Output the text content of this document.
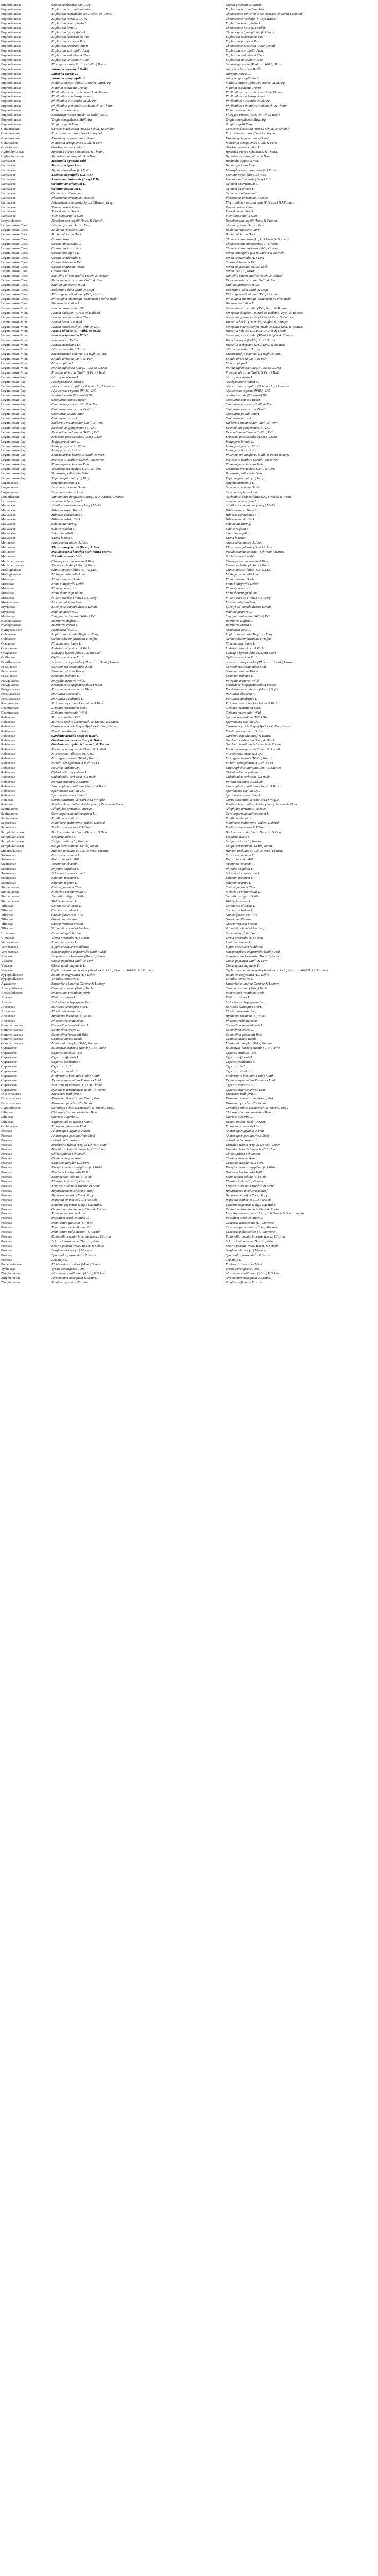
Euphorbiaceae	Croton zambesicus Müll.Arg.	Croton gratissimus Burch.
Euphorbiaceae	Euphorbia balsamifera Aiton	Euphorbia balsamifera Aiton
Euphorbiaceae	Euphorbia convolvuloides Hochst. ex Benth.	Chamaesyce convolvuloides (Hochst. ex Benth.) Koutnik
Euphorbiaceae	Euphorbia forskalii J.Gay	Chamaesyce forskalii (J.Gay) Hassall
Euphorbiaceae	Euphorbia heterophylla L.	Euphorbia heterophylla L.
Euphorbiaceae	Euphorbia hirta L.	Chamaesyce hirta (L.) Millsp.
Euphorbiaceae	Euphorbia hyssopifolia L.	Chamaesyce hyssopifolia (L.) Small
Euphorbiaceae	Euphorbia kamerunica Pax	Euphorbia kamerunica Pax
Euphorbiaceae	Euphorbia poissonii Pax	Euphorbia poissonii Pax
Euphorbiaceae	Euphorbia prostrata Aiton	Chamaesyce prostrata (Aiton) Small
Euphorbiaceae	Euphorbia scordifolia Jacq.	Euphorbia scordifolia Jacq.
Euphorbiaceae	Euphorbia sudanica A.Chev.	Euphorbia sudanica A.Chev.
Euphorbiaceae	Euphorbia unispina N.E.Br.	Euphorbia unispina N.E.Br.
Euphorbiaceae	Flueggea virosa (Roxb. ex Willd.) Royle	Securinega virosa (Roxb. ex Willd.) Baill.
Euphorbiaceae	Jatropha chevalieri Beille	Jatropha chevalieri Beille
Euphorbiaceae	Jatropha curcas L.	Jatropha curcas L.
Euphorbiaceae	Jatropha gossypiifolia L.	Jatropha gossypiifolia L.
Euphorbiaceae	Mallotus oppositifolius (Geiseler) Müll.Arg.	Mallotus oppositifolius (Geiseler) Müll.Arg.
Euphorbiaceae	Manihot esculenta Crantz	Manihot esculenta Crantz
Euphorbiaceae	Phyllanthus amarus Schumach. & Thonn.	Phyllanthus amarus Schumach. & Thonn.
Euphorbiaceae	Phyllanthus maderaspatensis L.	Phyllanthus maderaspatensis L.
Euphorbiaceae	Phyllanthus niruroides Müll.Arg.	Phyllanthus niruroides Müll.Arg.
Euphorbiaceae	Phyllanthus pentandrus Schumach. & Thonn.	Phyllanthus pentandrus Schumach. & Thonn.
Euphorbiaceae	Ricinus communis L.	Ricinus communis L.
Euphorbiaceae	Securinega virosa (Roxb. ex Willd.) Baill.	Flueggea virosa (Roxb. ex Willd.) Royle
Euphorbiaceae	Tragia senegalensis Müll.Arg.	Tragia senegalensis Müll.Arg.
Euphorbiaceae	Tragia vogelii Keay	Tragia vogelii Keay
Gentianaceae	Canscora decussata (Roxb.) Schult. & Schult.f.	Canscora decussata (Roxb.) Schult. & Schult.f.
Gentianaceae	Enicostema axillare (Lam.) A.Raynal	Enicostema axillare (Lam.) A.Raynal
Gentianaceae	Exacum quinquenervium Griseb.	Exacum quinquenervium Griseb.
Geraniaceae	Monsonia senegalensis Guill. & Perr.	Monsonia senegalensis Guill. & Perr.
Gisekiaceae	Gisekia pharnaceoides L.	Gisekia pharnaceoides L.
Hydrophyllaceae	Hydrolea glabra Schumach. & Thonn.	Hydrolea glabra Schumach. & Thonn.
Hydrophyllaceae	Hydrolea macrosepala A.W.Benn.	Hydrolea macrosepala A.W.Benn.
Lamiaceae	Hoslundia opposita Vahl	Hoslundia opposita Vahl
Lamiaceae	Hyptis spicigera Lam.	Hyptis spicigera Lam.
Lamiaceae	Hyptis suaveolens (L.) Poit.	Mesosphaerum suaveolens (L.) Kuntze
Lamiaceae	Leonotis nepetifolia (L.) R.Br.	Leonotis nepetifolia (L.) R.Br.
Lamiaceae	Leucas martinicensis (Jacq.) R.Br.	Leucas martinicensis (Jacq.) R.Br.
Lamiaceae	Ocimum americanum L.	Ocimum americanum L.
Lamiaceae	Ocimum basilicum L.	Ocimum basilicum L.
Lamiaceae	Ocimum gratissimum L.	Ocimum gratissimum L.
Lamiaceae	Platostoma africanum P.Beauv.	Platostoma africanum P.Beauv.
Lamiaceae	Solenostemon monostachyus (P.Beauv.) Briq.	Plectranthus monostachyus (P.Beauv.) B.J.Pollard
Lamiaceae	Tinnea barteri Gürke	Tinnea barteri Gürke
Lamiaceae	Vitex doniana Sweet	Vitex doniana Sweet
Lamiaceae	Vitex simplicifolia Oliv.	Vitex simplicifolia Oliv.
Lecythidaceae	Napoleonaea vogelii Hook. & Planch.	Napoleonaea vogelii Hook. & Planch.
Leguminosae-Caes.	Afzelia africana Sm. ex Pers.	Afzelia africana Sm. ex Pers.
Leguminosae-Caes.	Bauhinia rufescens Lam.	Bauhinia rufescens Lam.
Leguminosae-Caes.	Burkea africana Hook.	Burkea africana Hook.
Leguminosae-Caes.	Cassia absus L.	Chamaecrista absus (L.) H.S.Irwin & Barneby
Leguminosae-Caes.	Cassia mimosoides L.	Chamaecrista mimosoides (L.) Greene
Leguminosae-Caes.	Cassia nigricans Vahl	Chamaecrista nigricans (Vahl) Greene
Leguminosae-Caes.	Cassia obtusifolia L.	Senna obtusifolia (L.) H.S.Irwin & Barneby
Leguminosae-Caes.	Cassia occidentalis L.	Senna occidentalis (L.) Link
Leguminosae-Caes.	Cassia sieberiana DC.	Cassia sieberiana DC.
Leguminosae-Caes.	Cassia singueana Delile	Senna singueana (Delile) Lock
Leguminosae-Caes.	Cassia tora L.	Senna tora (L.) Roxb.
Leguminosae-Caes.	Daniellia oliveri (Rolfe) Hutch. & Dalziel	Daniellia oliveri (Rolfe) Hutch. & Dalziel
Leguminosae-Caes.	Detarium microcarpum Guill. & Perr.	Detarium microcarpum Guill. & Perr.
Leguminosae-Caes.	Dialium guineense Willd.	Dialium guineense Willd.
Leguminosae-Caes.	Isoberlinia doka Craib & Stapf	Isoberlinia doka Craib & Stapf
Leguminosae-Caes.	Piliostigma reticulatum (DC.) Hochst.	Piliostigma reticulatum (DC.) Hochst.
Leguminosae-Caes.	Piliostigma thonningii (Schumach.) Milne-Redh.	Piliostigma thonningii (Schumach.) Milne-Redh.
Leguminosae-Caes.	Tamarindus indica L.	Tamarindus indica L.
Leguminosae-Mim.	Acacia ataxacantha DC.	Senegalia ataxacantha (DC.) Kyal. & Boatwr.
Leguminosae-Mim.	Acacia dudgeonii Craib ex Holland	Senegalia dudgeonii (Craib ex Holland) Kyal. & Boatwr.
Leguminosae-Mim.	Acacia gourmaensis A.Chev.	Senegalia gourmaensis (A.Chev.) Kyal. & Boatwr.
Leguminosae-Mim.	Acacia hockii De Wild.	Vachellia hockii (De Wild.) Seigler & Ebinger
Leguminosae-Mim.	Acacia macrostachya Rchb. ex DC.	Senegalia macrostachya (Rchb. ex DC.) Kyal. & Boatwr.
Leguminosae-Mim.	Acacia nilotica (L.) Willd. ex Delile	Vachellia nilotica (L.) P.J.H.Hurter & Mabb.
Leguminosae-Mim.	Acacia polyacantha Willd.	Senegalia polyacantha (Willd.) Seigler & Ebinger
Leguminosae-Mim.	Acacia seyal Delile	Vachellia seyal (Delile) P.J.H.Hurter
Leguminosae-Mim.	Acacia sieberiana DC.	Vachellia sieberiana (DC.) Kyal. & Boatwr.
Leguminosae-Mim.	Albizia chevalieri Harms	Albizia chevalieri Harms
Leguminosae-Mim.	Dichrostachys cinerea (L.) Wight & Arn.	Dichrostachys cinerea (L.) Wight & Arn.
Leguminosae-Mim.	Entada africana Guill. & Perr.	Entada africana Guill. & Perr.
Leguminosae-Mim.	Mimosa pigra L.	Mimosa pigra L.
Leguminosae-Mim.	Parkia biglobosa (Jacq.) R.Br. ex G.Don	Parkia biglobosa (Jacq.) R.Br. ex G.Don
Leguminosae-Mim.	Prosopis africana (Guill. & Perr.) Taub.	Prosopis africana (Guill. & Perr.) Taub.
Leguminosae-Pap.	Abrus precatorius L.	Abrus precatorius L.
Leguminosae-Pap.	Aeschynomene indica L.	Aeschynomene indica L.
Leguminosae-Pap.	Alysicarpus ovalifolius (Schumach.) J.Léonard	Alysicarpus ovalifolius (Schumach.) J.Léonard
Leguminosae-Pap.	Alysicarpus rugosus (Willd.) DC.	Alysicarpus rugosus (Willd.) DC.
Leguminosae-Pap.	Andira inermis (W.Wright) DC.	Andira inermis (W.Wright) DC.
Leguminosae-Pap.	Crotalaria comosa Baker	Crotalaria comosa Baker
Leguminosae-Pap.	Crotalaria goreensis Guill. & Perr.	Crotalaria goreensis Guill. & Perr.
Leguminosae-Pap.	Crotalaria macrocalyx Benth.	Crotalaria macrocalyx Benth.
Leguminosae-Pap.	Crotalaria pallida Aiton	Crotalaria pallida Aiton
Leguminosae-Pap.	Crotalaria retusa L.	Crotalaria retusa L.
Leguminosae-Pap.	Dalbergia melanoxylon Guill. & Perr.	Dalbergia melanoxylon Guill. & Perr.
Leguminosae-Pap.	Desmodium gangeticum (L.) DC.	Desmodium gangeticum (L.) DC.
Leguminosae-Pap.	Desmodium velutinum (Willd.) DC.	Desmodium velutinum (Willd.) DC.
Leguminosae-Pap.	Eriosema psoraleoides (Lam.) G.Don	Eriosema psoraleoides (Lam.) G.Don
Leguminosae-Pap.	Indigofera hirsuta L.	Indigofera hirsuta L.
Leguminosae-Pap.	Indigofera pulchra Willd.	Indigofera pulchra Willd.
Leguminosae-Pap.	Indigofera tinctoria L.	Indigofera tinctoria L.
Leguminosae-Pap.	Lonchocarpus laxiflorus Guill. & Perr.	Philenoptera laxiflora (Guill. & Perr.) Roberty
Leguminosae-Pap.	Pericopsis laxiflora (Benth.) Meeuwen	Pericopsis laxiflora (Benth.) Meeuwen
Leguminosae-Pap.	Pterocarpus erinaceus Poir.	Pterocarpus erinaceus Poir.
Leguminosae-Pap.	Tephrosia bracteolata Guill. & Perr.	Tephrosia bracteolata Guill. & Perr.
Leguminosae-Pap.	Tephrosia pedicellata Baker	Tephrosia pedicellata Baker
Leguminosae-Pap.	Vigna unguiculata (L.) Walp.	Vigna unguiculata (L.) Walp.
Loganiaceae	Spigelia anthelmia L.	Spigelia anthelmia L.
Loganiaceae	Strychnos innocua Delile	Strychnos innocua Delile
Loganiaceae	Strychnos spinosa Lam.	Strychnos spinosa Lam.
Loranthaceae	Tapinanthus bangwensis (Engl. & K.Krause) Danser	Agelanthus dodoneifolius (DC.) Polhill & Wiens
Lythraceae	Ammannia baccifera L.	Ammannia baccifera L.
Malvaceae	Abutilon mauritianum (Jacq.) Medik.	Abutilon mauritianum (Jacq.) Medik.
Malvaceae	Hibiscus asper Hook.f.	Hibiscus asper Hook.f.
Malvaceae	Hibiscus cannabinus L.	Hibiscus cannabinus L.
Malvaceae	Hibiscus sabdariffa L.	Hibiscus sabdariffa L.
Malvaceae	Sida acuta Burm.f.	Sida acuta Burm.f.
Malvaceae	Sida cordifolia L.	Sida cordifolia L.
Malvaceae	Sida rhombifolia L.	Sida rhombifolia L.
Malvaceae	Urena lobata L.	Urena lobata L.
Meliaceae	Azadirachta indica A.Juss.	Azadirachta indica A.Juss.
Meliaceae	Khaya senegalensis (Desr.) A.Juss.	Khaya senegalensis (Desr.) A.Juss.
Meliaceae	Pseudocedrela kotschyi (Schweinf.) Harms	Pseudocedrela kotschyi (Schweinf.) Harms
Meliaceae	Trichilia emetica Vahl	Trichilia emetica Vahl
Menispermaceae	Cissampelos mucronata A.Rich.	Cissampelos mucronata A.Rich.
Menispermaceae	Tinospora bakis (A.Rich.) Miers	Tinospora bakis (A.Rich.) Miers
Molluginaceae	Glinus oppositifolius (L.) Aug.DC.	Glinus oppositifolius (L.) Aug.DC.
Molluginaceae	Mollugo nudicaulis Lam.	Mollugo nudicaulis Lam.
Moraceae	Ficus glumosa Delile	Ficus glumosa Delile
Moraceae	Ficus platyphylla Delile	Ficus platyphylla Delile
Moraceae	Ficus sycomorus L.	Ficus sycomorus L.
Moraceae	Ficus thonningii Blume	Ficus thonningii Blume
Moraceae	Milicia excelsa (Welw.) C.C.Berg	Milicia excelsa (Welw.) C.C.Berg
Moringaceae	Moringa oleifera Lam.	Moringa oleifera Lam.
Myrtaceae	Eucalyptus camaldulensis Dehnh.	Eucalyptus camaldulensis Dehnh.
Myrtaceae	Psidium guajava L.	Psidium guajava L.
Myrtaceae	Syzygium guineense (Willd.) DC.	Syzygium guineense (Willd.) DC.
Nyctaginaceae	Boerhavia diffusa L.	Boerhavia diffusa L.
Nyctaginaceae	Boerhavia erecta L.	Boerhavia erecta L.
Nymphaeaceae	Nymphaea lotus L.	Nymphaea lotus L.
Ochnaceae	Lophira lanceolata Tiegh. ex Keay	Lophira lanceolata Tiegh. ex Keay
Ochnaceae	Ochna schweinfurthiana F.Hoffm.	Ochna schweinfurthiana F.Hoffm.
Olacaceae	Ximenia americana L.	Ximenia americana L.
Onagraceae	Ludwigia abyssinica A.Rich.	Ludwigia abyssinica A.Rich.
Onagraceae	Ludwigia hyssopifolia (G.Don) Exell	Ludwigia hyssopifolia (G.Don) Exell
Opiliaceae	Opilia amentacea Roxb.	Opilia amentacea Roxb.
Passifloraceae	Adenia cissampeloides (Planch. ex Hook.) Harms	Adenia cissampeloides (Planch. ex Hook.) Harms
Pedaliaceae	Ceratotheca sesamoides Endl.	Ceratotheca sesamoides Endl.
Pedaliaceae	Sesamum alatum Thonn.	Sesamum alatum Thonn.
Pedaliaceae	Sesamum indicum L.	Sesamum indicum L.
Polygalaceae	Polygala arenaria Willd.	Polygala arenaria Willd.
Polygalaceae	Securidaca longepedunculata Fresen.	Securidaca longepedunculata Fresen.
Polygonaceae	Polygonum senegalense Meisn.	Persicaria senegalensis (Meisn.) Soják
Portulacaceae	Portulaca oleracea L.	Portulaca oleracea L.
Portulacaceae	Portulaca quadrifida L.	Portulaca quadrifida L.
Rhamnaceae	Ziziphus abyssinica Hochst. ex A.Rich.	Ziziphus abyssinica Hochst. ex A.Rich.
Rhamnaceae	Ziziphus mauritiana Lam.	Ziziphus mauritiana Lam.
Rhamnaceae	Ziziphus mucronata Willd.	Ziziphus mucronata Willd.
Rubiaceae	Borreria radiata DC.	Spermacoce radiata (DC.) Hiern
Rubiaceae	Borreria scabra (Schumach. & Thonn.) K.Schum.	Spermacoce ruelliae DC.
Rubiaceae	Crossopteryx febrifuga (Afzel. ex G.Don) Benth.	Crossopteryx febrifuga (Afzel. ex G.Don) Benth.
Rubiaceae	Feretia apodanthera Delile	Feretia apodanthera Delile
Rubiaceae	Gardenia aqualla Stapf & Hutch.	Gardenia aqualla Stapf & Hutch.
Rubiaceae	Gardenia erubescens Stapf & Hutch.	Gardenia erubescens Stapf & Hutch.
Rubiaceae	Gardenia ternifolia Schumach. & Thonn.	Gardenia ternifolia Schumach. & Thonn.
Rubiaceae	Kohautia senegalensis Cham. & Schltdl.	Kohautia senegalensis Cham. & Schltdl.
Rubiaceae	Mitracarpus villosus (Sw.) DC.	Mitracarpus hirtus (L.) DC.
Rubiaceae	Mitragyna inermis (Willd.) Kuntze	Mitragyna inermis (Willd.) Kuntze
Rubiaceae	Morelia senegalensis A.Rich. ex DC.	Morelia senegalensis A.Rich. ex DC.
Rubiaceae	Nauclea latifolia Sm.	Sarcocephalus latifolius (Sm.) E.A.Bruce
Rubiaceae	Oldenlandia corymbosa L.	Oldenlandia corymbosa L.
Rubiaceae	Oldenlandia herbacea (L.) Roxb.	Oldenlandia herbacea (L.) Roxb.
Rubiaceae	Pavetta crassipes K.Schum.	Pavetta crassipes K.Schum.
Rubiaceae	Sarcocephalus latifolius (Sm.) E.A.Bruce	Sarcocephalus latifolius (Sm.) E.A.Bruce
Rubiaceae	Spermacoce ruelliae DC.	Spermacoce ruelliae DC.
Rubiaceae	Spermacoce verticillata L.	Spermacoce verticillata L.
Rutaceae	Citrus aurantiifolia (Christm.) Swingle	Citrus aurantiifolia (Christm.) Swingle
Rutaceae	Zanthoxylum zanthoxyloides (Lam.) Zepern. & Timler	Zanthoxylum zanthoxyloides (Lam.) Zepern. & Timler
Sapindaceae	Allophylus africanus P.Beauv.	Allophylus africanus P.Beauv.
Sapindaceae	Cardiospermum halicacabum L.	Cardiospermum halicacabum L.
Sapindaceae	Paullinia pinnata L.	Paullinia pinnata L.
Sapotaceae	Manilkara multinervis (Baker) Dubard	Manilkara multinervis (Baker) Dubard
Sapotaceae	Vitellaria paradoxa C.F.Gaertn.	Vitellaria paradoxa C.F.Gaertn.
Scrophulariaceae	Buchnera hispida Buch.-Ham. ex D.Don	Buchnera hispida Buch.-Ham. ex D.Don
Scrophulariaceae	Scoparia dulcis L.	Scoparia dulcis L.
Scrophulariaceae	Striga asiatica (L.) Kuntze	Striga asiatica (L.) Kuntze
Scrophulariaceae	Striga hermonthica (Delile) Benth.	Striga hermonthica (Delile) Benth.
Simaroubaceae	Hannoa undulata (Guill. & Perr.) Planch.	Hannoa undulata (Guill. & Perr.) Planch.
Solanaceae	Capsicum annuum L.	Capsicum annuum L.
Solanaceae	Datura innoxia Mill.	Datura innoxia Mill.
Solanaceae	Nicotiana tabacum L.	Nicotiana tabacum L.
Solanaceae	Physalis angulata L.	Physalis angulata L.
Solanaceae	Schwenckia americana L.	Schwenckia americana L.
Solanaceae	Solanum incanum L.	Solanum incanum L.
Solanaceae	Solanum nigrum L.	Solanum nigrum L.
Sterculiaceae	Cola gigantea A.Chev.	Cola gigantea A.Chev.
Sterculiaceae	Melochia corchorifolia L.	Melochia corchorifolia L.
Sterculiaceae	Sterculia setigera Delile	Sterculia setigera Delile
Sterculiaceae	Waltheria indica L.	Waltheria indica L.
Tiliaceae	Corchorus olitorius L.	Corchorus olitorius L.
Tiliaceae	Corchorus tridens L.	Corchorus tridens L.
Tiliaceae	Grewia flavescens Juss.	Grewia flavescens Juss.
Tiliaceae	Grewia mollis Juss.	Grewia mollis Juss.
Tiliaceae	Grewia venusta Fresen.	Grewia venusta Fresen.
Tiliaceae	Triumfetta rhomboidea Jacq.	Triumfetta rhomboidea Jacq.
Ulmaceae	Celtis integrifolia Lam.	Celtis integrifolia Lam.
Ulmaceae	Trema orientalis (L.) Blume	Trema orientalis (L.) Blume
Verbenaceae	Lantana camara L.	Lantana camara L.
Verbenaceae	Lippia chevalieri Moldenke	Lippia chevalieri Moldenke
Verbenaceae	Stachytarpheta angustifolia (Mill.) Vahl	Stachytarpheta angustifolia (Mill.) Vahl
Vitaceae	Ampelocissus leonensis (Hook.f.) Planch.	Ampelocissus leonensis (Hook.f.) Planch.
Vitaceae	Cissus populnea Guill. & Perr.	Cissus populnea Guill. & Perr.
Vitaceae	Cissus quadrangularis L.	Cissus quadrangularis L.
Vitaceae	Cyphostemma adenocaule (Steud. ex A.Rich.) Desc. ex Wild & R.B.Drumm.	Cyphostemma adenocaule (Steud. ex A.Rich.) Desc. ex Wild & R.B.Drumm.
Zygophyllaceae	Balanites aegyptiaca (L.) Delile	Balanites aegyptiaca (L.) Delile
Zygophyllaceae	Tribulus terrestris L.	Tribulus terrestris L.
Agavaceae	Sansevieria liberica Gérôme & Labroy	Sansevieria liberica Gérôme & Labroy
Amaryllidaceae	Crinum ornatum (Aiton) Herb.	Crinum ornatum (Aiton) Herb.
Amaryllidaceae	Pancratium trianthum Herb.	Pancratium trianthum Herb.
Araceae	Pistia stratiotes L.	Pistia stratiotes L.
Araceae	Stylochaeton hypogaeus Lepr.	Stylochaeton hypogaeus Lepr.
Arecaceae	Borassus aethiopum Mart.	Borassus aethiopum Mart.
Arecaceae	Elaeis guineensis Jacq.	Elaeis guineensis Jacq.
Arecaceae	Hyphaene thebaica (L.) Mart.	Hyphaene thebaica (L.) Mart.
Arecaceae	Phoenix reclinata Jacq.	Phoenix reclinata Jacq.
Commelinaceae	Commelina benghalensis L.	Commelina benghalensis L.
Commelinaceae	Commelina erecta L.	Commelina erecta L.
Commelinaceae	Commelina forskaolii Vahl	Commelina forskaolii Vahl
Commelinaceae	Cyanotis lanata Benth.	Cyanotis lanata Benth.
Commelinaceae	Murdannia simplex (Vahl) Brenan	Murdannia simplex (Vahl) Brenan
Cyperaceae	Bulbostylis barbata (Rottb.) C.B.Clarke	Bulbostylis barbata (Rottb.) C.B.Clarke
Cyperaceae	Cyperus amabilis Vahl	Cyperus amabilis Vahl
Cyperaceae	Cyperus difformis L.	Cyperus difformis L.
Cyperaceae	Cyperus esculentus L.	Cyperus esculentus L.
Cyperaceae	Cyperus iria L.	Cyperus iria L.
Cyperaceae	Cyperus rotundus L.	Cyperus rotundus L.
Cyperaceae	Fimbristylis hispidula (Vahl) Kunth	Fimbristylis hispidula (Vahl) Kunth
Cyperaceae	Kyllinga squamulata Thonn. ex Vahl	Kyllinga squamulata Thonn. ex Vahl
Cyperaceae	Mariscus squarrosus (L.) C.B.Clarke	Cyperus squarrosus L.
Cyperaceae	Pycreus macrostachyos (Lam.) J.Raynal	Cyperus macrostachyos Lam.
Dioscoreaceae	Dioscorea bulbifera L.	Dioscorea bulbifera L.
Dioscoreaceae	Dioscorea dumetorum (Kunth) Pax	Dioscorea dumetorum (Kunth) Pax
Dioscoreaceae	Dioscorea praehensilis Benth.	Dioscorea praehensilis Benth.
Hypoxidaceae	Curculigo pilosa (Schumach. & Thonn.) Engl.	Curculigo pilosa (Schumach. & Thonn.) Engl.
Liliaceae	Chlorophytum stenopetalum Baker	Chlorophytum stenopetalum Baker
Liliaceae	Gloriosa superba L.	Gloriosa superba L.
Liliaceae	Urginea indica (Roxb.) Kunth	Drimia indica (Roxb.) Jessop
Orchidaceae	Eulophia guineensis Lindl.	Eulophia guineensis Lindl.
Poaceae	Andropogon gayanus Kunth	Andropogon gayanus Kunth
Poaceae	Andropogon pseudapricus Stapf	Andropogon pseudapricus Stapf
Poaceae	Aristida adscensionis L.	Aristida adscensionis L.
Poaceae	Brachiaria jubata (Fig. & De Not.) Stapf	Urochloa jubata (Fig. & De Not.) Sosef
Poaceae	Brachiaria lata (Schumach.) C.E.Hubb.	Urochloa lata (Schumach.) C.E.Hubb.
Poaceae	Chloris pilosa Schumach.	Chloris pilosa Schumach.
Poaceae	Ctenium elegans Kunth	Ctenium elegans Kunth
Poaceae	Cynodon dactylon (L.) Pers.	Cynodon dactylon (L.) Pers.
Poaceae	Dactyloctenium aegyptium (L.) Willd.	Dactyloctenium aegyptium (L.) Willd.
Poaceae	Digitaria horizontalis Willd.	Digitaria horizontalis Willd.
Poaceae	Echinochloa colona (L.) Link	Echinochloa colona (L.) Link
Poaceae	Eleusine indica (L.) Gaertn.	Eleusine indica (L.) Gaertn.
Poaceae	Eragrostis tremula Hochst. ex Steud.	Eragrostis tremula Hochst. ex Steud.
Poaceae	Hyparrhenia involucrata Stapf	Hyparrhenia involucrata Stapf
Poaceae	Hyparrhenia rufa (Nees) Stapf	Hyparrhenia rufa (Nees) Stapf
Poaceae	Imperata cylindrica (L.) Raeusch.	Imperata cylindrica (L.) Raeusch.
Poaceae	Loudetia togoensis (Pilg.) C.E.Hubb.	Loudetia togoensis (Pilg.) C.E.Hubb.
Poaceae	Oryza longistaminata A.Chev. & Roehr.	Oryza longistaminata A.Chev. & Roehr.
Poaceae	Panicum maximum Jacq.	Megathyrsus maximus (Jacq.) B.K.Simon & S.W.L.Jacobs
Poaceae	Paspalum scrobiculatum L.	Paspalum scrobiculatum L.
Poaceae	Pennisetum glaucum (L.) R.Br.	Cenchrus americanus (L.) Morrone
Poaceae	Pennisetum pedicellatum Trin.	Cenchrus pedicellatus (Trin.) Morrone
Poaceae	Pennisetum polystachion (L.) Schult.	Cenchrus polystachios (L.) Morrone
Poaceae	Rottboellia cochinchinensis (Lour.) Clayton	Rottboellia cochinchinensis (Lour.) Clayton
Poaceae	Schizachyrium exile (Hochst.) Pilg.	Schizachyrium exile (Hochst.) Pilg.
Poaceae	Setaria pumila (Poir.) Roem. & Schult.	Setaria pumila (Poir.) Roem. & Schult.
Poaceae	Sorghum bicolor (L.) Moench	Sorghum bicolor (L.) Moench
Poaceae	Sporobolus pyramidalis P.Beauv.	Sporobolus pyramidalis P.Beauv.
Poaceae	Zea mays L.	Zea mays L.
Pontederiaceae	Eichhornia crassipes (Mart.) Solms	Pontederia crassipes Mart.
Typhaceae	Typha domingensis Pers.	Typha domingensis Pers.
Zingiberaceae	Aframomum latifolium (Afzel.) K.Schum.	Aframomum latifolium (Afzel.) K.Schum.
Zingiberaceae	Aframomum melegueta K.Schum.	Aframomum melegueta K.Schum.
Zingiberaceae	Zingiber officinale Roscoe	Zingiber officinale Roscoe
